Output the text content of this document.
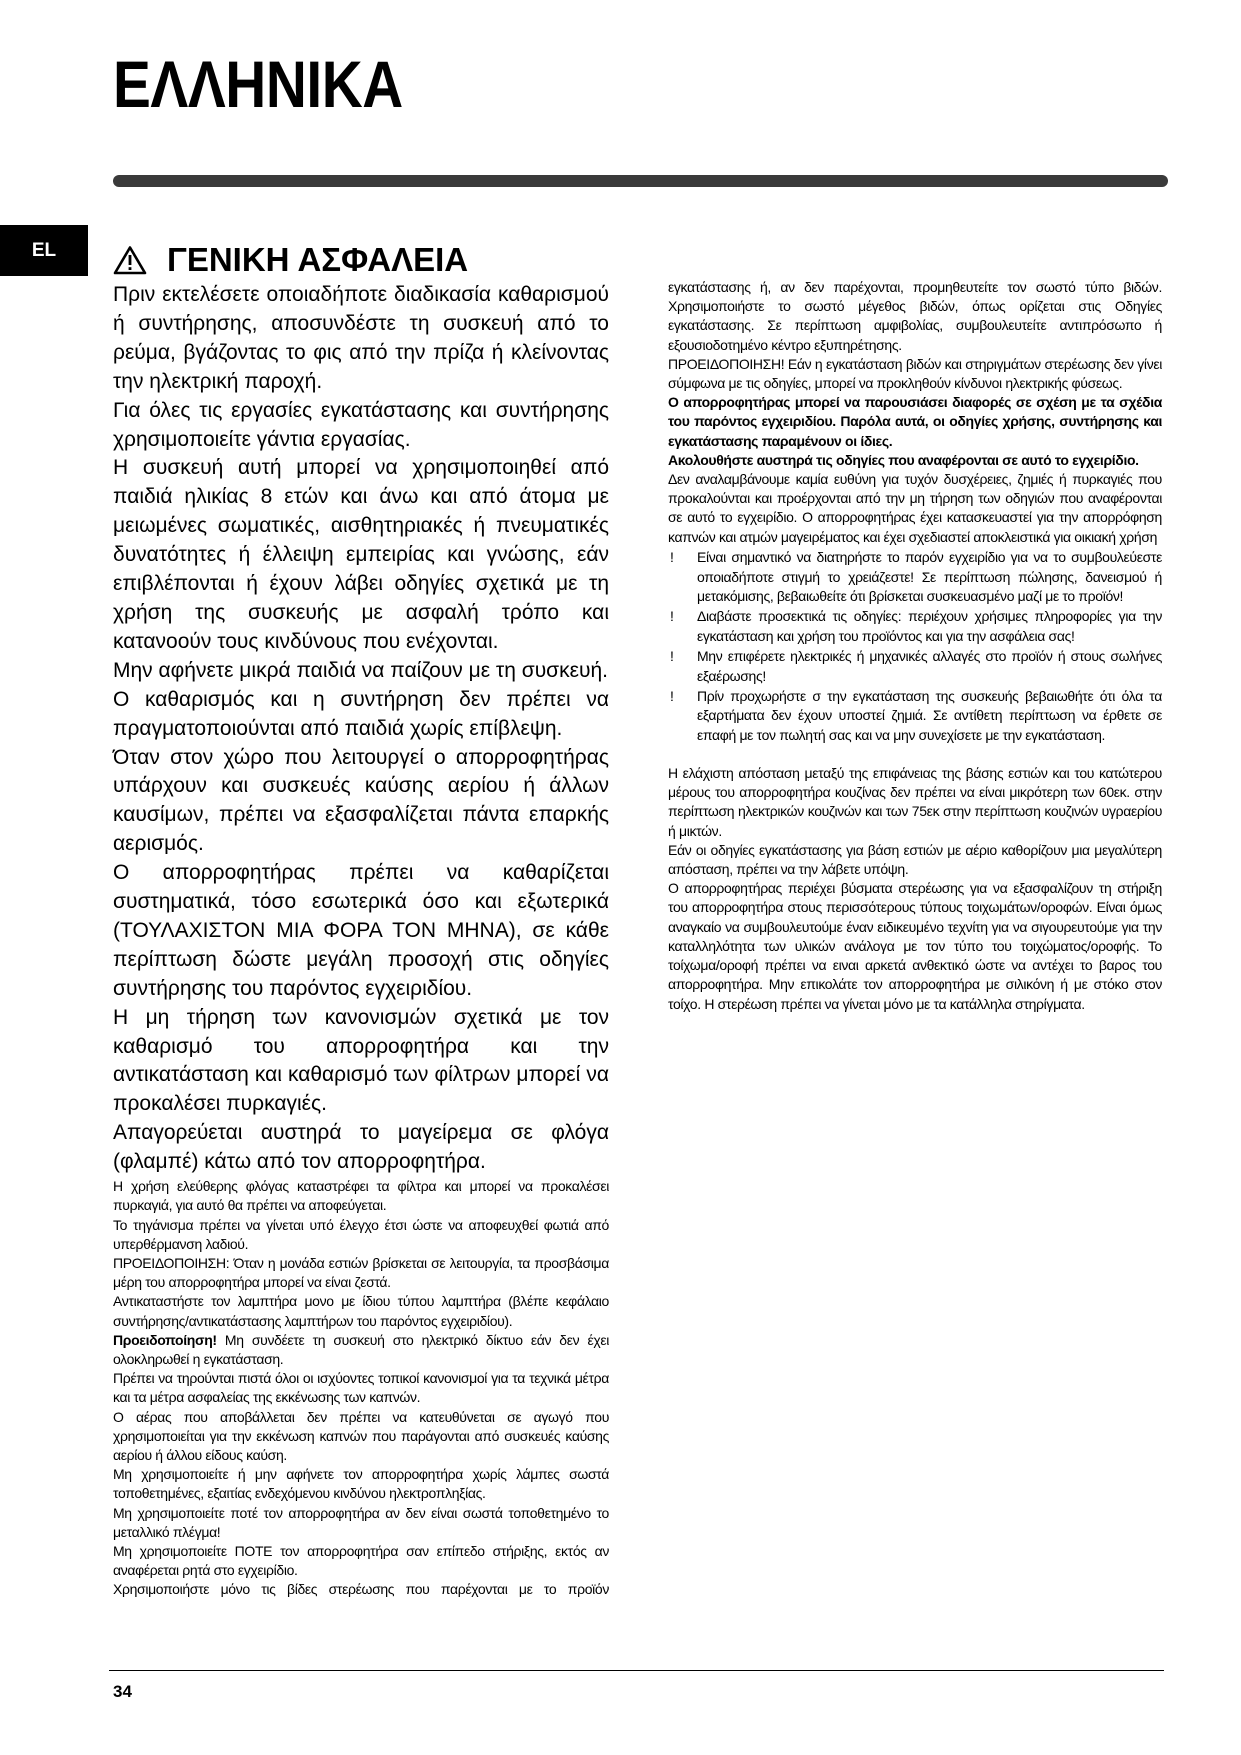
ΕΛΛΗΝΙΚΑ
EL	ΓΕΝΙΚΗ ΑΣΦΑΛΕΙΑ

Πριν εκτελέσετε οποιαδήποτε διαδικασία καθαρισμού ή συντήρησης, αποσυνδέστε τη συσκευή από το ρεύμα, βγάζοντας το φις από την πρίζα ή κλείνοντας την ηλεκτρική παροχή.

Για όλες τις εργασίες εγκατάστασης και συντήρησης χρησιμοποιείτε γάντια εργασίας.

Η συσκευή αυτή μπορεί να χρησιμοποιηθεί από παιδιά ηλικίας 8 ετών και άνω και από άτομα με μειωμένες σωματικές, αισθητηριακές ή πνευματικές δυνατότητες ή έλλειψη εμπειρίας και γνώσης, εάν επιβλέπονται ή έχουν λάβει οδηγίες σχετικά με τη χρήση της συσκευής με ασφαλή τρόπο και κατανοούν τους κινδύνους που ενέχονται.

Μην αφήνετε μικρά παιδιά να παίζουν με τη συσκευή.

Ο καθαρισμός και η συντήρηση δεν πρέπει να πραγματοποιούνται από παιδιά χωρίς επίβλεψη.

Όταν στον χώρο που λειτουργεί ο απορροφητήρας υπάρχουν και συσκευές καύσης αερίου ή άλλων καυσίμων, πρέπει να εξασφαλίζεται πάντα επαρκής αερισμός.

Ο απορροφητήρας πρέπει να καθαρίζεται συστηματικά, τόσο εσωτερικά όσο και εξωτερικά (ΤΟΥΛΑΧΙΣΤΟΝ ΜΙΑ ΦΟΡΑ ΤΟΝ ΜΗΝΑ), σε κάθε περίπτωση δώστε μεγάλη προσοχή στις οδηγίες συντήρησης του παρόντος εγχειριδίου.

Η μη τήρηση των κανονισμών σχετικά με τον καθαρισμό του απορροφητήρα και την αντικατάσταση και καθαρισμό των φίλτρων μπορεί να προκαλέσει πυρκαγιές.

Απαγορεύεται αυστηρά το μαγείρεμα σε φλόγα (φλαμπέ) κάτω από τον απορροφητήρα.

Η χρήση ελεύθερης φλόγας καταστρέφει τα φίλτρα και μπορεί να προκαλέσει πυρκαγιά, για αυτό θα πρέπει να αποφεύγεται.

Το τηγάνισμα πρέπει να γίνεται υπό έλεγχο έτσι ώστε να αποφευχθεί φωτιά από υπερθέρμανση λαδιού.

ΠΡΟΕΙΔΟΠΟΙΗΣΗ: Όταν η μονάδα εστιών βρίσκεται σε λειτουργία, τα προσβάσιμα μέρη του απορροφητήρα μπορεί να είναι ζεστά.

Αντικαταστήστε τον λαμπτήρα μονο με ίδιου τύπου λαμπτήρα (βλέπε κεφάλαιο συντήρησης/αντικατάστασης λαμπτήρων του παρόντος εγχειριδίου).

Προειδοποίηση! Μη συνδέετε τη συσκευή στο ηλεκτρικό δίκτυο εάν δεν έχει ολοκληρωθεί η εγκατάσταση.

Πρέπει να τηρούνται πιστά όλοι οι ισχύοντες τοπικοί κανονισμοί για τα τεχνικά μέτρα και τα μέτρα ασφαλείας της εκκένωσης των καπνών.

Ο αέρας που αποβάλλεται δεν πρέπει να κατευθύνεται σε αγωγό που χρησιμοποιείται για την εκκένωση καπνών που παράγονται από συσκευές καύσης αερίου ή άλλου είδους καύση.

Μη χρησιμοποιείτε ή μην αφήνετε τον απορροφητήρα χωρίς λάμπες σωστά τοποθετημένες, εξαιτίας ενδεχόμενου κινδύνου ηλεκτροπληξίας.

Μη χρησιμοποιείτε ποτέ τον απορροφητήρα αν δεν είναι σωστά τοποθετημένο το μεταλλικό πλέγμα!

Μη χρησιμοποιείτε ΠΟΤΕ τον απορροφητήρα σαν επίπεδο στήριξης, εκτός αν αναφέρεται ρητά στο εγχειρίδιο.

Χρησιμοποιήστε μόνο τις βίδες στερέωσης που παρέχονται με το προϊόν

εγκατάστασης ή, αν δεν παρέχονται, προμηθευτείτε τον σωστό τύπο βιδών. Χρησιμοποιήστε το σωστό μέγεθος βιδών, όπως ορίζεται στις Οδηγίες εγκατάστασης. Σε περίπτωση αμφιβολίας, συμβουλευτείτε αντιπρόσωπο ή εξουσιοδοτημένο κέντρο εξυπηρέτησης.

ΠΡΟΕΙΔΟΠΟΙΗΣΗ! Εάν η εγκατάσταση βιδών και στηριγμάτων στερέωσης δεν γίνει σύμφωνα με τις οδηγίες, μπορεί να προκληθούν κίνδυνοι ηλεκτρικής φύσεως.

Ο απορροφητήρας μπορεί να παρουσιάσει διαφορές σε σχέση με τα σχέδια του παρόντος εγχειριδίου. Παρόλα αυτά, οι οδηγίες χρήσης, συντήρησης και εγκατάστασης παραμένουν οι ίδιες.

Ακολουθήστε αυστηρά τις οδηγίες που αναφέρονται σε αυτό το εγχειρίδιο.

Δεν αναλαμβάνουμε καμία ευθύνη για τυχόν δυσχέρειες, ζημιές ή πυρκαγιές που προκαλούνται και προέρχονται από την μη τήρηση των οδηγιών που αναφέρονται σε αυτό το εγχειρίδιο. Ο απορροφητήρας έχει κατασκευαστεί για την απορρόφηση καπνών και ατμών μαγειρέματος και έχει σχεδιαστεί αποκλειστικά για οικιακή χρήση

! Είναι σημαντικό να διατηρήστε το παρόν εγχειρίδιο για να το συμβουλεύεστε οποιαδήποτε στιγμή το χρειάζεστε! Σε περίπτωση πώλησης, δανεισμού ή μετακόμισης, βεβαιωθείτε ότι βρίσκεται συσκευασμένο μαζί με το προϊόν!
! Διαβάστε προσεκτικά τις οδηγίες: περιέχουν χρήσιμες πληροφορίες για την εγκατάσταση και χρήση του προϊόντος και για την ασφάλεια σας!
! Μην επιφέρετε ηλεκτρικές ή μηχανικές αλλαγές στο προϊόν ή στους σωλήνες εξαέρωσης!
! Πρίν προχωρήστε σ την εγκατάσταση της συσκευής βεβαιωθήτε ότι όλα τα εξαρτήματα δεν έχουν υποστεί ζημιά. Σε αντίθετη περίπτωση να έρθετε σε επαφή με τον πωλητή σας και να μην συνεχίσετε με την εγκατάσταση.

Η ελάχιστη απόσταση μεταξύ της επιφάνειας της βάσης εστιών και του κατώτερου μέρους του απορροφητήρα κουζίνας δεν πρέπει να είναι μικρότερη των 60εκ. στην περίπτωση ηλεκτρικών κουζινών και των 75εκ στην περίπτωση κουζινών υγραερίου ή μικτών.

Εάν οι οδηγίες εγκατάστασης για βάση εστιών με αέριο καθορίζουν μια μεγαλύτερη απόσταση, πρέπει να την λάβετε υπόψη.

Ο απορροφητήρας περιέχει βύσματα στερέωσης για να εξασφαλίζουν τη στήριξη του απορροφητήρα στους περισσότερους τύπους τοιχωμάτων/οροφών. Είναι όμως αναγκαίο να συμβουλευτούμε έναν ειδικευμένο τεχνίτη για να σιγουρευτούμε για την καταλληλότητα των υλικών ανάλογα με τον τύπο του τοιχώματος/οροφής. Το τοίχωμα/οροφή πρέπει να ειναι αρκετά ανθεκτικό ώστε να αντέχει το βαρος του απορροφητήρα. Μην επικολάτε τον απορροφητήρα με σιλικόνη ή με στόκο στον τοίχο. Η στερέωση πρέπει να γίνεται μόνο με τα κατάλληλα στηρίγματα.

34
